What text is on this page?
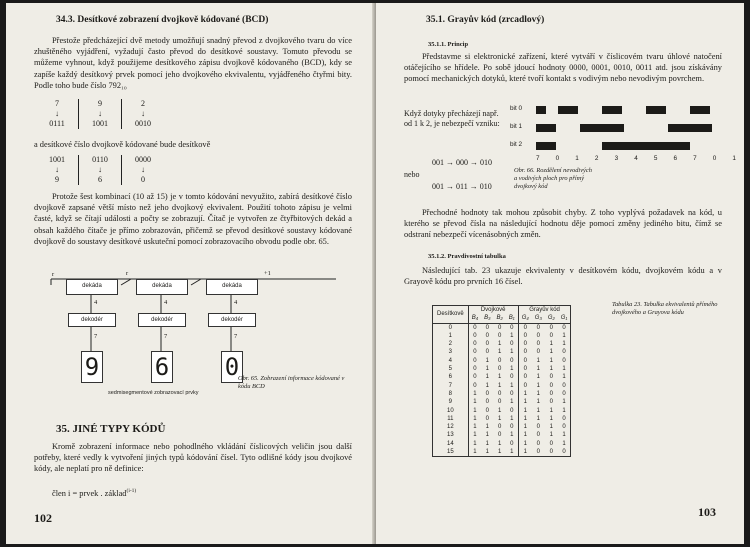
34.3. Desítkové zobrazení dvojkově kódované (BCD)

Přestože předcházející dvě metody umožňují snadný převod z dvojkového tvaru do více zhuštěného vyjádření, vyžadují často převod do desítkové soustavy. Tomuto převodu se můžeme vyhnout, když použijeme desítkového zápisu dvojkově kódovaného (BCD), kdy se zapíše každý desítkový prvek pomocí jeho dvojkového ekvivalentu, vyjádřeného čtyřmi bity. Podle toho bude číslo 792₁₀

7
↓
0111
9
↓
1001
2
↓
0010

a desítkové číslo dvojkově kódované bude desítkově

1001
↓
9
0110
↓
6
0000
↓
0

Protože šest kombinací (10 až 15) je v tomto kódování nevyužito, zabírá desítkové číslo dvojkově zapsané větší místo než jeho dvojkový ekvivalent. Použití tohoto zápisu je velmi časté, když se čítají události a počty se zobrazují. Čítač je vytvořen ze čtyřbitových dekád a obsah každého čítače je přímo zobrazován, přičemž se převod desítkové soustavy kódované dvojkově do soustavy desítkové uskuteční pomocí zobrazovacího obvodu podle obr. 65.

dekáda	dekáda	dekáda
r	r	+1
4	4	4
dekodér	dekodér	dekodér
7	7	7
9 6 0
sedmisegmentové zobrazovací prvky

Obr. 65. Zobrazení informace kódované v kódu BCD

35. JINÉ TYPY KÓDŮ

Kromě zobrazení informace nebo pohodlného vkládání číslicových veličin jsou další potřeby, které vedly k vytvoření jiných typů kódování čísel. Tyto odlišné kódy jsou dvojkové kódy, ale neplatí pro ně definice:

člen i = prvek . základ$^{(i-1)}$
102
35.1. Grayův kód (zrcadlový)
35.1.1. Princip

Představme si elektronické zařízení, které vytváří v číslicovém tvaru úhlové natočení otáčejícího se hřídele. Po sobě jdoucí hodnoty 0000, 0001, 0010, 0011 atd. jsou získávány pomocí mechanických dotyků, které tvoří kontakt s vodivým nebo nevodivým povrchem.

Když dotyky přecházejí např. od 1 k 2, je nebezpečí vzniku:

bit 0
bit 1
bit 2
7	0	1	2	3	4	5	6	7	0	1
001 → 000 → 010
nebo
001 → 011 → 010

Obr. 66. Rozdělení nevodivých a vodivých ploch pro přímý dvojkový kód

Přechodné hodnoty tak mohou způsobit chyby. Z toho vyplývá požadavek na kód, u kterého se převod čísla na následující hodnotu děje pomocí změny jediného bitu, čímž se odstraní nebezpečí vícenásobných změn.

35.1.2. Pravdivostní tabulka

Následující tab. 23 ukazuje ekvivalenty v desítkovém kódu, dvojkovém kódu a v Grayově kódu pro prvních 16 čísel.

Desítkově	Dvojkově				Grayův kód			
	B₄	B₃	B₂	B₁	G₄	G₃	G₂	G₁
0	0	0	0	0	0	0	0	0
1	0	0	0	1	0	0	0	1
2	0	0	1	0	0	0	1	1
3	0	0	1	1	0	0	1	0
4	0	1	0	0	0	1	1	0
5	0	1	0	1	0	1	1	1
6	0	1	1	0	0	1	0	1
7	0	1	1	1	0	1	0	0
8	1	0	0	0	1	1	0	0
9	1	0	0	1	1	1	0	1
10	1	0	1	0	1	1	1	1
11	1	0	1	1	1	1	1	0
12	1	1	0	0	1	0	1	0
13	1	1	0	1	1	0	1	1
14	1	1	1	0	1	0	0	1
15	1	1	1	1	1	0	0	0

Tabulka 23. Tabulka ekvivalentů přímého dvojkového a Grayova kódu

103
